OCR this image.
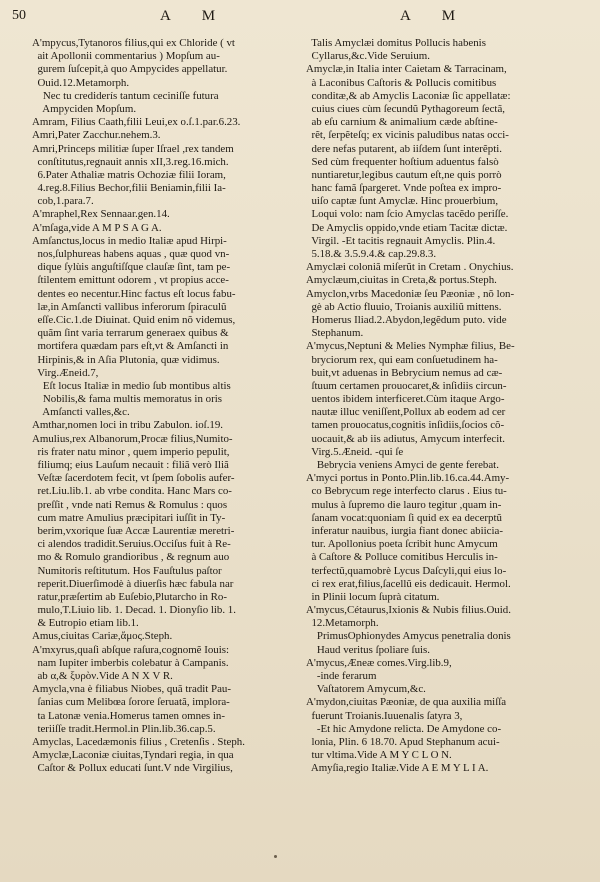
50	A M	A M
A'mpycus,Tytanoros filius,qui ex Chloride ( vt
ait Apollonii commentarius ) Mopſum au-
gurem ſuſcepit,à quo Ampycides appellatur.
Ouid.12.Metamorph.
Nec tu crediderís tantum ceciniſſe futura
Ampyciden Mopſum.
Amram, Filius Caath,filii Leui,ex o.ſ.1.par.6.23.
Amri,Pater Zacchur.nehem.3.
Amri,Princeps militiæ ſuper Iſrael ,rex tandem
conſtitutus,regnauit annis xII,3.reg.16.mich.
6.Pater Athaliæ matris Ochoziæ filii Ioram,
4.reg.8.Filius Bechor,filii Beniamin,filii Ia-
cob,1.para.7.
A'mraphel,Rex Sennaar.gen.14.
A'mſaga,vide A M P S A G A.
Amſanctus,locus in medio Italiæ apud Hirpi-
nos,ſulphureas habens aquas , quæ quod vn-
dique ſylùis anguſtiſſque clauſæ ſint, tam pe-
ſtilentem emittunt odorem , vt propius acce-
dentes eo necentur.Hinc factus eſt locus fabu-
læ,in Amſancti vallibus inferorum ſpiraculũ
eſſe.Cic.1.de Diuinat. Quid enim nõ videmus,
quãm ſint varia terrarum generaex quibus &
mortifera quædam pars eſt,vt & Amſancti in
Hirpinis,& in Aſia Plutonia, quæ vidimus.
Virg.Æneid.7,
Eſt locus Italiæ in medio ſub montibus altis
Nobilis,& fama multis memoratus in oris
Amſancti valles,&c.
Amthar,nomen loci in tribu Zabulon. ioſ.19.
Amulius,rex Albanorum,Procæ filius,Numito-
ris frater natu minor , quem imperio pepulit,
filiumq; eius Lauſum necauit : filiã verò Iliã
Veſtæ ſacerdotem fecit, vt ſpem ſobolis aufer-
ret.Liu.lib.1. ab vrbe condita. Hanc Mars co-
preſſit , vnde nati Remus & Romulus : quos
cum matre Amulius præcipitari iuſſit in Ty-
berim,vxorique ſuæ Accæ Laurentiæ meretri-
ci alendos tradidit.Seruius.Occiſus fuit à Re-
mo & Romulo grandioribus , & regnum auo
Numitoris reſtitutum. Hos Fauſtulus paſtor
reperit.Diuerſimodè à diuerſis hæc fabula nar
ratur,præſertim ab Euſebio,Plutarcho in Ro-
mulo,T.Liuio lib. 1. Decad. 1. Dionyſio lib. 1.
& Eutropio etiam lib.1.
Amus,ciuitas Cariæ,ἄμος.Steph.
A'mxyrus,quaſi abſque raſura,cognomẽ Iouis:
nam Iupiter imberbis colebatur à Campanis.
ab α,& ξυρὸν.Vide A N X V R.
Amycla,vna è filiabus Niobes, quã tradit Pau-
ſanias cum Melibœa ſorore ſeruatã, implora-
ta Latonæ venia.Homerus tamen omnes in-
teriiſſe tradit.Hermol.in Plin.lib.36.cap.5.
Amyclas, Lacedæmonis filius , Cretenſis . Steph.
Amyclæ,Laconiæ ciuitas,Tyndari regia, in qua
Caſtor & Pollux educati ſunt.V nde Virgilius,
Talis Amyclæi domitus Pollucis habenis
Cyllarus,&c.Vide Seruium.
Amyclæ,in Italia inter Caietam & Tarracinam,
à Laconibus Caſtoris & Pollucis comitibus
conditæ,& ab Amyclis Laconiæ ſic appellatæ:
cuius ciues cùm ſecundũ Pythagoreum ſectã,
ab eſu carnium & animalium cæde abſtine-
rẽt, ſerpẽteſq; ex vicinis paludibus natas occi-
dere nefas putarent, ab iiſdem ſunt interẽpti.
Sed cùm frequenter hoſtium aduentus falsò
nuntiaretur,legibus cautum eſt,ne quis porrò
hanc famã ſpargeret. Vnde poſtea ex impro-
uiſo captæ ſunt Amyclæ. Hinc prouerbium,
Loqui volo: nam ſcio Amyclas tacẽdo periſſe.
De Amyclis oppido,vnde etiam Tacitæ dictæ.
Virgil. -Et tacitis regnauit Amyclis. Plin.4.
5.18.& 3.5.9.4.& cap.29.8.3.
Amyclæi coloniã miſerũt in Cretam . Onychius.
Amyclæum,ciuitas in Creta,& portus.Steph.
Amyclon,vrbs Macedoniæ ſeu Pæoniæ , nõ lon-
gè ab Actio fluuio, Troianis auxiliũ mittens.
Homerus Iliad.2.Abydon,legẽdum puto. vide
Stephanum.
A'mycus,Neptuni & Melies Nymphæ filius, Be-
bryciorum rex, qui eam conſuetudinem ha-
buit,vt aduenas in Bebrycium nemus ad cæ-
ſtuum certamen prouocaret,& inſidiis circun-
uentos ibidem interficeret.Cùm itaque Argo-
nautæ illuc veniſſent,Pollux ab eodem ad cer
tamen prouocatus,cognitis inſidiis,ſocios cõ-
uocauit,& ab iis adiutus, Amycum interfecit.
Virg.5.Æneid. -qui ſe
Bebrycia veniens Amyci de gente ferebat.
A'myci portus in Ponto.Plin.lib.16.ca.44.Amy-
co Bebrycum rege interfecto clarus . Eius tu-
mulus à ſupremo die lauro tegitur ,quam in-
ſanam vocat:quoniam ſi quid ex ea decerptũ
inferatur nauibus, iurgia fiant donec abiicia-
tur. Apollonius poeta ſcribit hunc Amycum
à Caſtore & Polluce comitibus Herculis in-
terfectũ,quamobrè Lycus Daſcyli,qui eius lo-
ci rex erat,filius,ſacellũ eis dedicauit. Hermol.
in Plinii locum ſuprà citatum.
A'mycus,Cétaurus,Ixionis & Nubis filius.Ouid.
12.Metamorph.
PrimusOphionydes Amycus penetralia donis
Haud veritus ſpoliare ſuis.
A'mycus,Æneæ comes.Virg.lib.9,
-inde ferarum
Vaſtatorem Amycum,&c.
A'mydon,ciuitas Pæoniæ, de qua auxilia miſſa
fuerunt Troianis.Iuuenalis ſatyra 3,
-Et hic Amydone relicta. De Amydone co-
lonia, Plin. 6 18.70. Apud Stephanum acui-
tur vltima.Vide A M Y C L O N.
Amyſia,regio Italiæ.Vide A E M Y L I A.
